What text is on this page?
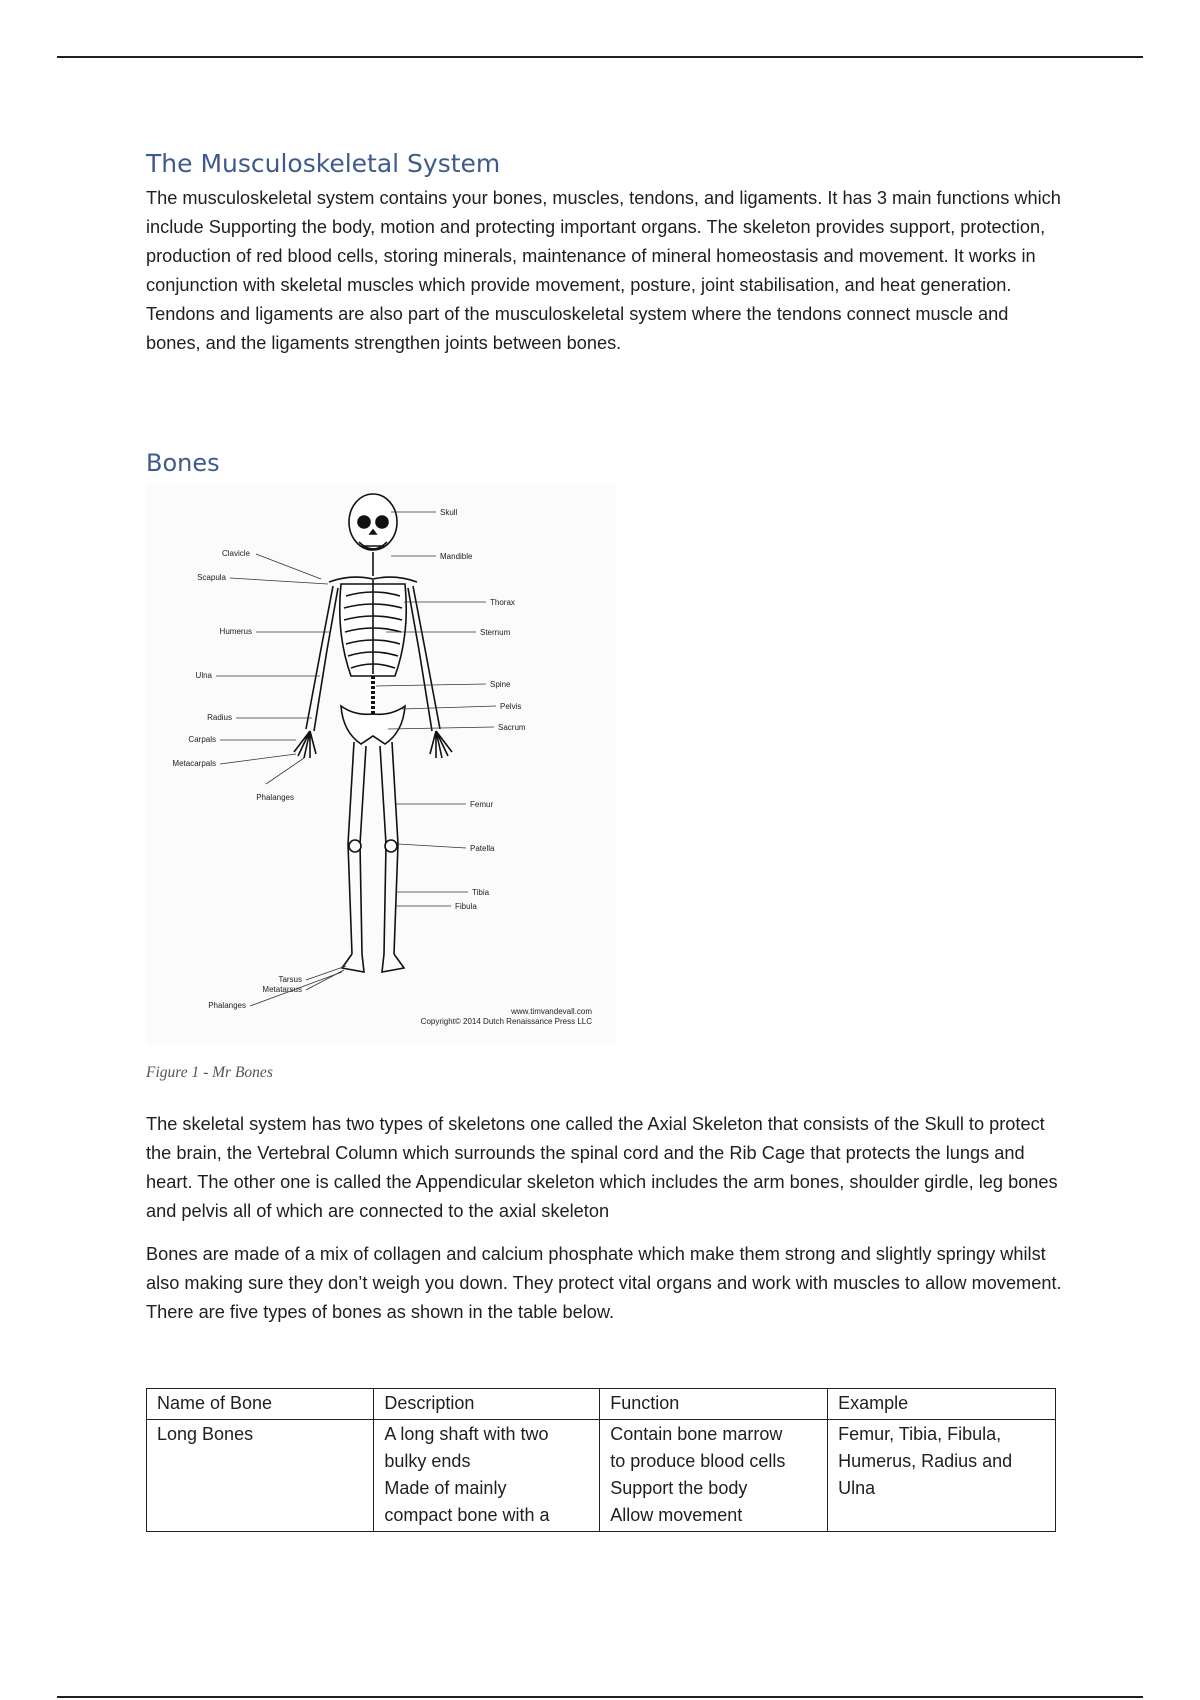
The Musculoskeletal System

The musculoskeletal system contains your bones, muscles, tendons, and ligaments. It has 3 main functions which include Supporting the body, motion and protecting important organs. The skeleton provides support, protection, production of red blood cells, storing minerals, maintenance of mineral homeostasis and movement. It works in conjunction with skeletal muscles which provide movement, posture, joint stabilisation, and heat generation. Tendons and ligaments are also part of the musculoskeletal system where the tendons connect muscle and bones, and the ligaments strengthen joints between bones.

Bones
Clavicle
Scapula
Humerus
Ulna
Radius
Carpals
Metacarpals
Phalanges
Tarsus
Metatarsus
Phalanges
Skull
Mandible
Thorax
Sternum
Spine
Pelvis
Sacrum
Femur
Patella
Tibia
Fibula
www.timvandevall.com
Copyright© 2014 Dutch Renaissance Press LLC

Figure 1 - Mr Bones

The skeletal system has two types of skeletons one called the Axial Skeleton that consists of the Skull to protect the brain, the Vertebral Column which surrounds the spinal cord and the Rib Cage that protects the lungs and heart. The other one is called the Appendicular skeleton which includes the arm bones, shoulder girdle, leg bones and pelvis all of which are connected to the axial skeleton

Bones are made of a mix of collagen and calcium phosphate which make them strong and slightly springy whilst also making sure they don’t weigh you down. They protect vital organs and work with muscles to allow movement. There are five types of bones as shown in the table below.

Name of Bone	Description	Function	Example
Long Bones	A long shaft with two
bulky ends
Made of mainly
compact bone with a	Contain bone marrow
to produce blood cells
Support the body
Allow movement	Femur, Tibia, Fibula,
Humerus, Radius and
Ulna
